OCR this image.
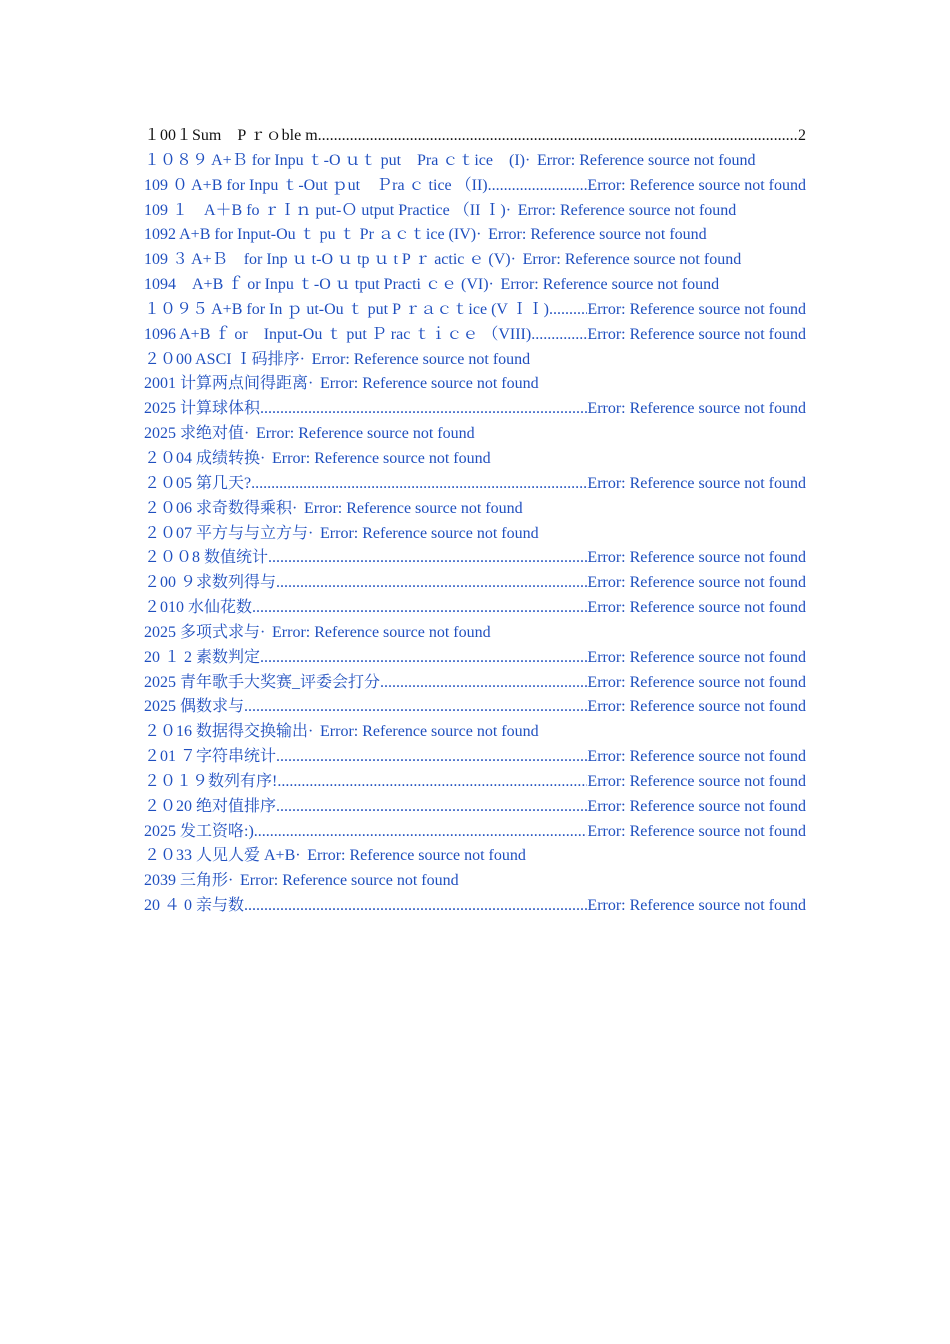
１00１Sum　P ｒｏble m .....	2
１０８９ A+Ｂ for Inpu ｔ-O ｕｔ put　Pra ｃｔice　(I) · Error: Reference source not found
109 ０ A+B for Inpu ｔ-Out ｐut　Ｐra ｃ tice （II) .....	Error: Reference source not found
109 １　A＋B fo ｒＩｎ put-Ｏ utput Practice （II Ｉ) · Error: Reference source not found
1092 A+B for Input-Ou ｔ pu ｔ Pr ａｃｔice (IV) · Error: Reference source not found
109 ３ A+Ｂ　for Inp ｕ t-O ｕ tp ｕ t P ｒ actic ｅ (V) · Error: Reference source not found
1094　A+B ｆ or Inpu ｔ-O ｕ tput Practi ｃｅ (VI) · Error: Reference source not found
１０９５ A+B for In ｐ ut-Ou ｔ put P ｒａｃｔice (V ＩＩ) ..... Error: Reference source not found
1096 A+B ｆ or　Input-Ou ｔ put Ｐ rac ｔｉｃｅ （VIII) .....	Error: Reference source not found
２０00 ASCI Ｉ码排序 · Error: Reference source not found
2001 计算两点间得距离 · Error: Reference source not found
2025 计算球体积 .....	Error: Reference source not found
2025 求绝对值 · Error: Reference source not found
２０04 成绩转换 · Error: Reference source not found
２０05 第几天? .....	Error: Reference source not found
２０06 求奇数得乘积 · Error: Reference source not found
２０07 平方与与立方与 · Error: Reference source not found
２００8 数值统计 .....	Error: Reference source not found
２00 ９求数列得与 .....	Error: Reference source not found
２010 水仙花数 .....	Error: Reference source not found
2025 多项式求与 · Error: Reference source not found
20 １ 2 素数判定 .....	Error: Reference source not found
2025 青年歌手大奖赛_评委会打分 .....	Error: Reference source not found
2025 偶数求与 .....	Error: Reference source not found
２０16 数据得交换输出 · Error: Reference source not found
２01 ７字符串统计 .....	Error: Reference source not found
２０１９数列有序! .....	Error: Reference source not found
２０20 绝对值排序 .....	Error: Reference source not found
2025 发工资咯:) .....	Error: Reference source not found
２０33 人见人爱 A+B · Error: Reference source not found
2039 三角形 · Error: Reference source not found
20 ４ 0 亲与数 .....	Error: Reference source not found
